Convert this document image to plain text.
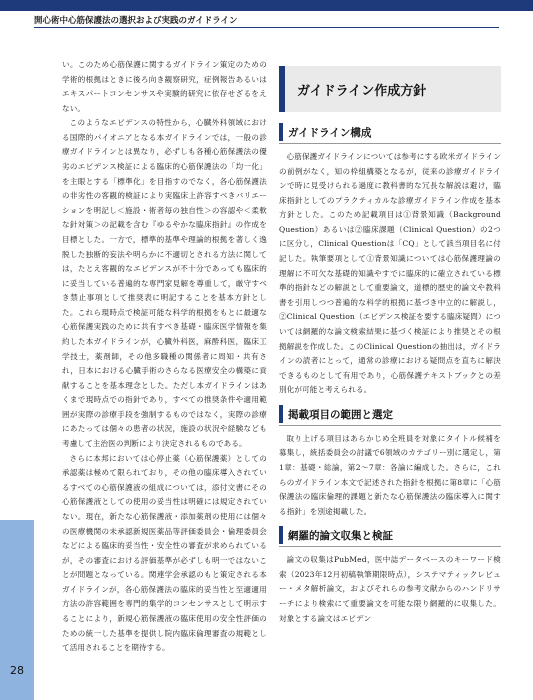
開心術中心筋保護法の選択および実践のガイドライン

い。このため心筋保護に関するガイドライン策定のための学術的根拠はときに後ろ向き観察研究，症例報告あるいはエキスパートコンセンサスや実験的研究に依存せざるをえない。

このようなエビデンスの特性から，心臓外科領域における国際的パイオニアとなる本ガイドラインでは，一般の診療ガイドラインとは異なり，必ずしも各種心筋保護法の優劣のエビデンス検証による臨床的心筋保護法の「均一化」を主眼とする「標準化」を目指すのでなく，各心筋保護法の非劣性の客観的検証により実臨床上許容すべきバリエーションを明記し＜施設・術者毎の独自性＞の容認や＜柔軟な針対策＞の記載を含む『ゆるやかな臨床指針』の作成を目標とした。一方で，標準的基準や理論的根拠を著しく逸脱した独断的妄法や明らかに不適切とされる方法に関しては，たとえ客観的なエビデンスが不十分であっても臨床的に妥当している普遍的な専門家見解を尊重して，厳守すべき禁止事項として推奨表に明記することを基本方針とした。これら現時点で検証可能な科学的根拠をもとに最適な心筋保護実践のために共有すべき基礎・臨床医学情報を集約した本ガイドラインが，心臓外科医，麻酔科医，臨床工学技士，薬剤師，その他多職種の関係者に周知・共有され，日本における心臓手術のさらなる医療安全の構築に貢献することを基本理念とした。ただし本ガイドラインはあくまで現時点での指針であり，すべての推奨条件や適用範囲が実際の診療手段を強制するものではなく，実際の診療にあたっては個々の患者の状況，施設の状況や経験なども考慮して主治医の判断により決定されるものである。

さらに本邦においては心停止薬（心筋保護薬）としての承認薬は極めて限られており，その他の臨床導入されているすべての心筋保護液の組成については，添付文書にその心筋保護液としての使用の妥当性は明確には規定されていない。現在，新たな心筋保護液・添加薬剤の使用には個々の医療機関の未承認新規医薬品等評価委員会・倫理委員会などによる臨床的妥当性・安全性の審査が求められているが，その審査における評価基準が必ずしも明一ではないことが問題となっている。関連学会承認のもと策定される本ガイドラインが，各心筋保護法の臨床的妥当性と至適適用方法の許容範囲を専門的集学的コンセンサスとして明示することにより，新規心筋保護液の臨床使用の安全性評価のための統一した基準を提供し院内臨床倫理審査の規範として活用されることを期待する。

ガイドライン作成方針
ガイドライン構成

心筋保護ガイドラインについては参考にする欧米ガイドラインの前例がなく，知の枠組構築となるが，従来の診療ガイドラインで時に見受けられる過度に教科書的な冗長な解説は避け，臨床指針としてのプラクティカルな診療ガイドライン作成を基本方針とした。このため記載項目は①背景知識（Background Question）あるいは②臨床課題（Clinical Question）の2つに区分し，Clinical Questionは「CQ」として該当項目名に付記した。執筆要項として①背景知識については心筋保護理論の理解に不可欠な基礎的知識やすでに臨床的に確立されている標準的指針などの解説として重要論文，道標的歴史的論文や教科書を引用しつつ普遍的な科学的根拠に基づき中立的に解説し，②Clinical Question（エビデンス検証を要する臨床疑問）については網羅的な論文検索結果に基づく検証により推奨とその根拠解説を作成した。このClinical Questionの抽出は，ガイドラインの読者にとって，通常の診療における疑問点を直ちに解決できるものとして有用であり，心筋保護テキストブックとの差別化が可能と考えられる。

掲載項目の範囲と選定

取り上げる項目はあらかじめ全班員を対象にタイトル候補を募集し，統括委員会の討議で6領域のカテゴリー別に選定し，第1章：基礎・総論，第2〜7章：各論に編成した。さらに，これらのガイドライン本文で記述された指針を根拠に第8章に「心筋保護法の臨床倫理的課題と新たな心筋保護法の臨床導入に関する指針」を別途掲載した。

網羅的論文収集と検証

論文の収集はPubMed，医中誌データベースのキーワード検索（2023年12月初稿執筆期限時点），システマティックレビュー・メタ解析論文，およびそれらの参考文献からのハンドリサーチにより検索にて重要論文を可能な限り網羅的に収集した。対象とする論文はエビデン

28
